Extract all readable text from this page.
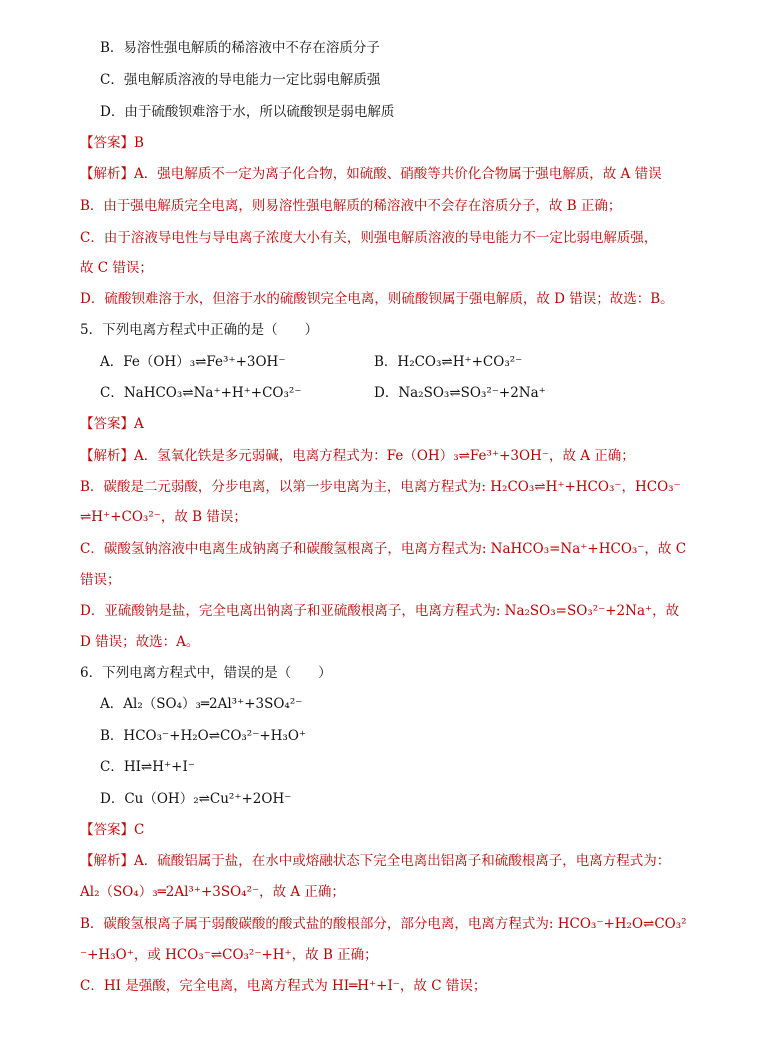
B．易溶性强电解质的稀溶液中不存在溶质分子
C．强电解质溶液的导电能力一定比弱电解质强
D．由于硫酸钡难溶于水，所以硫酸钡是弱电解质
【答案】B
【解析】A．强电解质不一定为离子化合物，如硫酸、硝酸等共价化合物属于强电解质，故 A 错误
B．由于强电解质完全电离，则易溶性强电解质的稀溶液中不会存在溶质分子，故 B 正确；
C．由于溶液导电性与导电离子浓度大小有关，则强电解质溶液的导电能力不一定比弱电解质强，
故 C 错误；
D．硫酸钡难溶于水，但溶于水的硫酸钡完全电离，则硫酸钡属于强电解质，故 D 错误；故选：B。
5．下列电离方程式中正确的是（　　）
A．Fe（OH）₃⇌Fe³⁺+3OH⁻	B．H₂CO₃⇌H⁺+CO₃²⁻
C．NaHCO₃⇌Na⁺+H⁺+CO₃²⁻	D．Na₂SO₃⇌SO₃²⁻+2Na⁺
【答案】A
【解析】A．氢氧化铁是多元弱碱，电离方程式为：Fe（OH）₃⇌Fe³⁺+3OH⁻，故 A 正确；
B．碳酸是二元弱酸，分步电离，以第一步电离为主，电离方程式为: H₂CO₃⇌H⁺+HCO₃⁻，HCO₃⁻
⇌H⁺+CO₃²⁻，故 B 错误；
C．碳酸氢钠溶液中电离生成钠离子和碳酸氢根离子，电离方程式为: NaHCO₃=Na⁺+HCO₃⁻，故 C
错误；
D．亚硫酸钠是盐，完全电离出钠离子和亚硫酸根离子，电离方程式为: Na₂SO₃=SO₃²⁻+2Na⁺，故
D 错误；故选：A。
6．下列电离方程式中，错误的是（　　）
A．Al₂（SO₄）₃═2Al³⁺+3SO₄²⁻
B．HCO₃⁻+H₂O⇌CO₃²⁻+H₃O⁺
C．HI⇌H⁺+I⁻
D．Cu（OH）₂⇌Cu²⁺+2OH⁻
【答案】C
【解析】A．硫酸铝属于盐，在水中或熔融状态下完全电离出铝离子和硫酸根离子，电离方程式为：
Al₂（SO₄）₃═2Al³⁺+3SO₄²⁻，故 A 正确；
B．碳酸氢根离子属于弱酸碳酸的酸式盐的酸根部分，部分电离，电离方程式为: HCO₃⁻+H₂O⇌CO₃²
⁻+H₃O⁺，或 HCO₃⁻⇌CO₃²⁻+H⁺，故 B 正确；
C．HI 是强酸，完全电离，电离方程式为 HI═H⁺+I⁻，故 C 错误；
